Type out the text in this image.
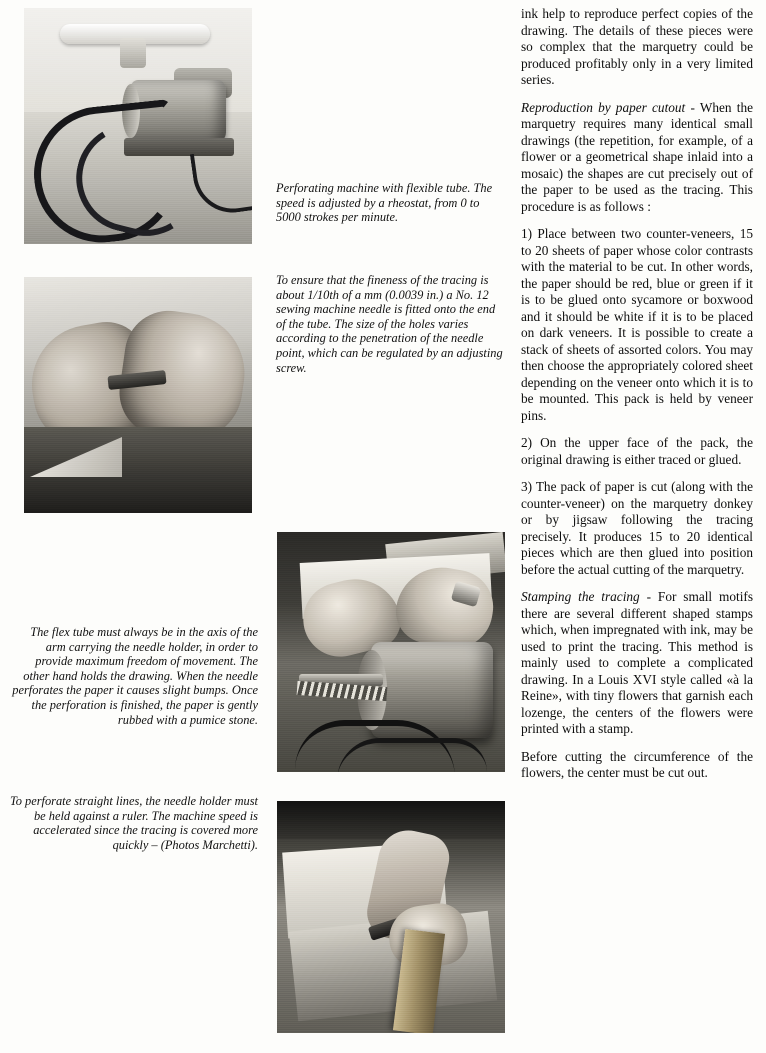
Perforating machine with flexible tube. The speed is adjusted by a rheostat, from 0 to 5000 strokes per minute.
To ensure that the fineness of the tracing is about 1/10th of a mm (0.0039 in.) a No. 12 sewing machine needle is fitted onto the end of the tube. The size of the holes varies according to the penetration of the needle point, which can be regulated by an adjusting screw.
The flex tube must always be in the axis of the arm carrying the needle holder, in order to provide maximum freedom of movement. The other hand holds the drawing. When the needle perforates the paper it causes slight bumps. Once the perforation is finished, the paper is gently rubbed with a pumice stone.
To perforate straight lines, the needle holder must be held against a ruler. The machine speed is accelerated since the tracing is covered more quickly – (Photos Marchetti).

ink help to reproduce perfect copies of the drawing. The details of these pieces were so complex that the marquetry could be produced profitably only in a very limited series.

Reproduction by paper cutout - When the marquetry requires many identical small drawings (the repetition, for example, of a flower or a geometrical shape inlaid into a mosaic) the shapes are cut precisely out of the paper to be used as the tracing. This procedure is as follows :

1) Place between two counter-veneers, 15 to 20 sheets of paper whose color contrasts with the material to be cut. In other words, the paper should be red, blue or green if it is to be glued onto sycamore or boxwood and it should be white if it is to be placed on dark veneers. It is possible to create a stack of sheets of assorted colors. You may then choose the appropriately colored sheet depending on the veneer onto which it is to be mounted. This pack is held by veneer pins.

2) On the upper face of the pack, the original drawing is either traced or glued.

3) The pack of paper is cut (along with the counter-veneer) on the marquetry donkey or by jigsaw following the tracing precisely. It produces 15 to 20 identical pieces which are then glued into position before the actual cutting of the marquetry.

Stamping the tracing - For small motifs there are several different shaped stamps which, when impregnated with ink, may be used to print the tracing. This method is mainly used to complete a complicated drawing. In a Louis XVI style called «à la Reine», with tiny flowers that garnish each lozenge, the centers of the flowers were printed with a stamp.

Before cutting the circumference of the flowers, the center must be cut out.
